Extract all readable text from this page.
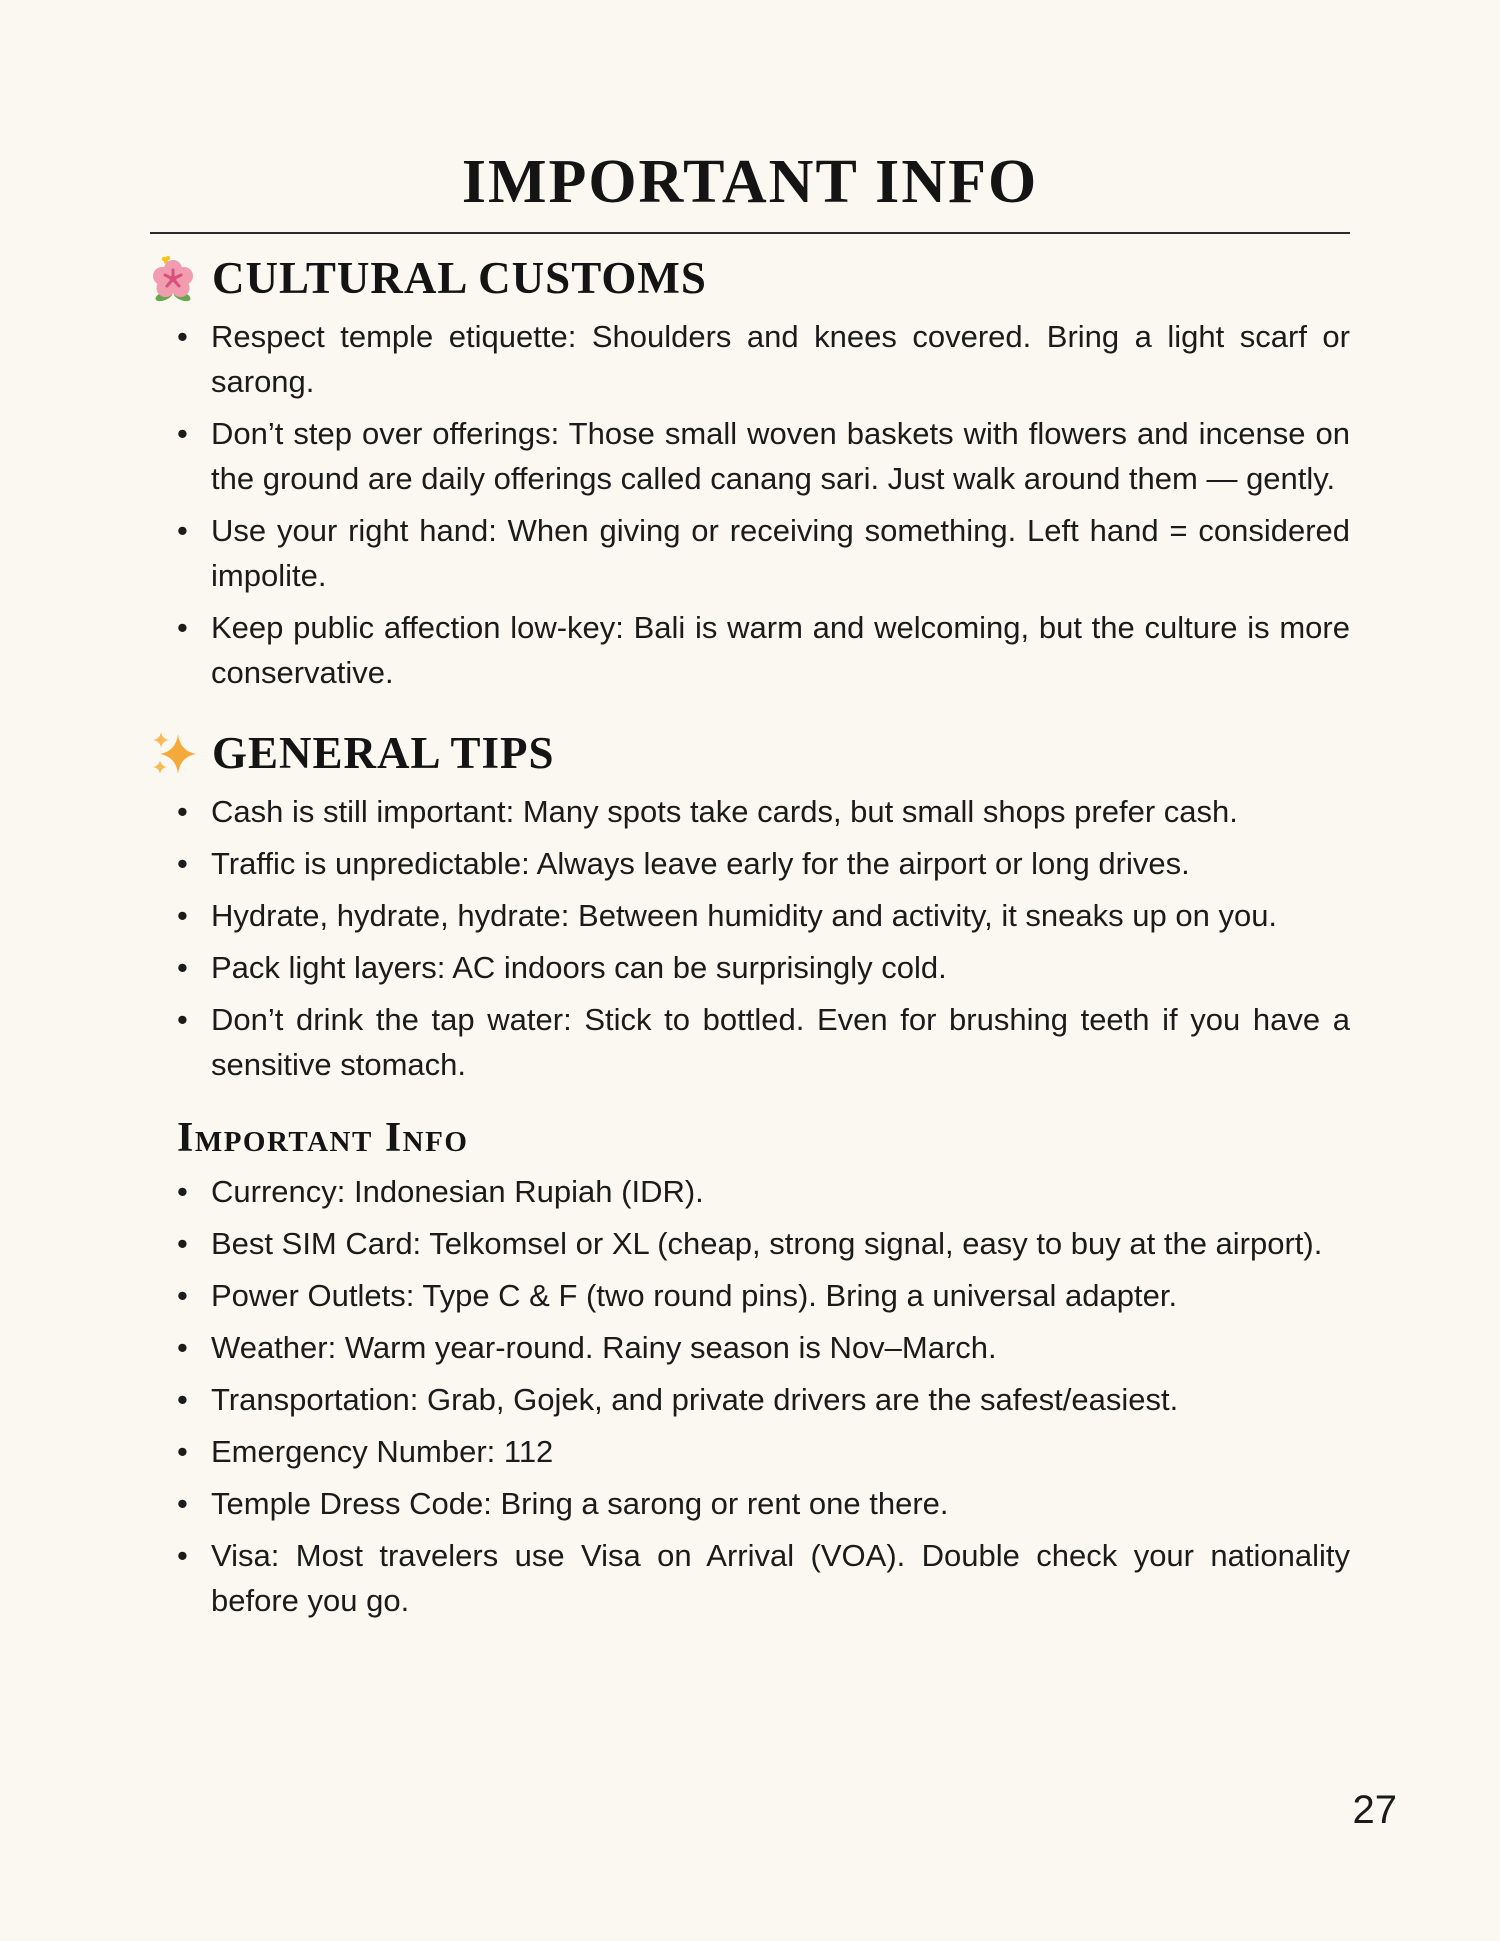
IMPORTANT INFO
CULTURAL CUSTOMS
• Respect temple etiquette: Shoulders and knees covered. Bring a light scarf or sarong.
• Don’t step over offerings: Those small woven baskets with flowers and incense on the ground are daily offerings called canang sari. Just walk around them — gently.
• Use your right hand: When giving or receiving something. Left hand = considered impolite.
• Keep public affection low-key: Bali is warm and welcoming, but the culture is more conservative.
GENERAL TIPS
• Cash is still important: Many spots take cards, but small shops prefer cash.
• Traffic is unpredictable: Always leave early for the airport or long drives.
• Hydrate, hydrate, hydrate: Between humidity and activity, it sneaks up on you.
• Pack light layers: AC indoors can be surprisingly cold.
• Don’t drink the tap water: Stick to bottled. Even for brushing teeth if you have a sensitive stomach.
Important Info
• Currency: Indonesian Rupiah (IDR).
• Best SIM Card: Telkomsel or XL (cheap, strong signal, easy to buy at the airport).
• Power Outlets: Type C & F (two round pins). Bring a universal adapter.
• Weather: Warm year-round. Rainy season is Nov–March.
• Transportation: Grab, Gojek, and private drivers are the safest/easiest.
• Emergency Number: 112
• Temple Dress Code: Bring a sarong or rent one there.
• Visa: Most travelers use Visa on Arrival (VOA). Double check your nationality before you go.
27
